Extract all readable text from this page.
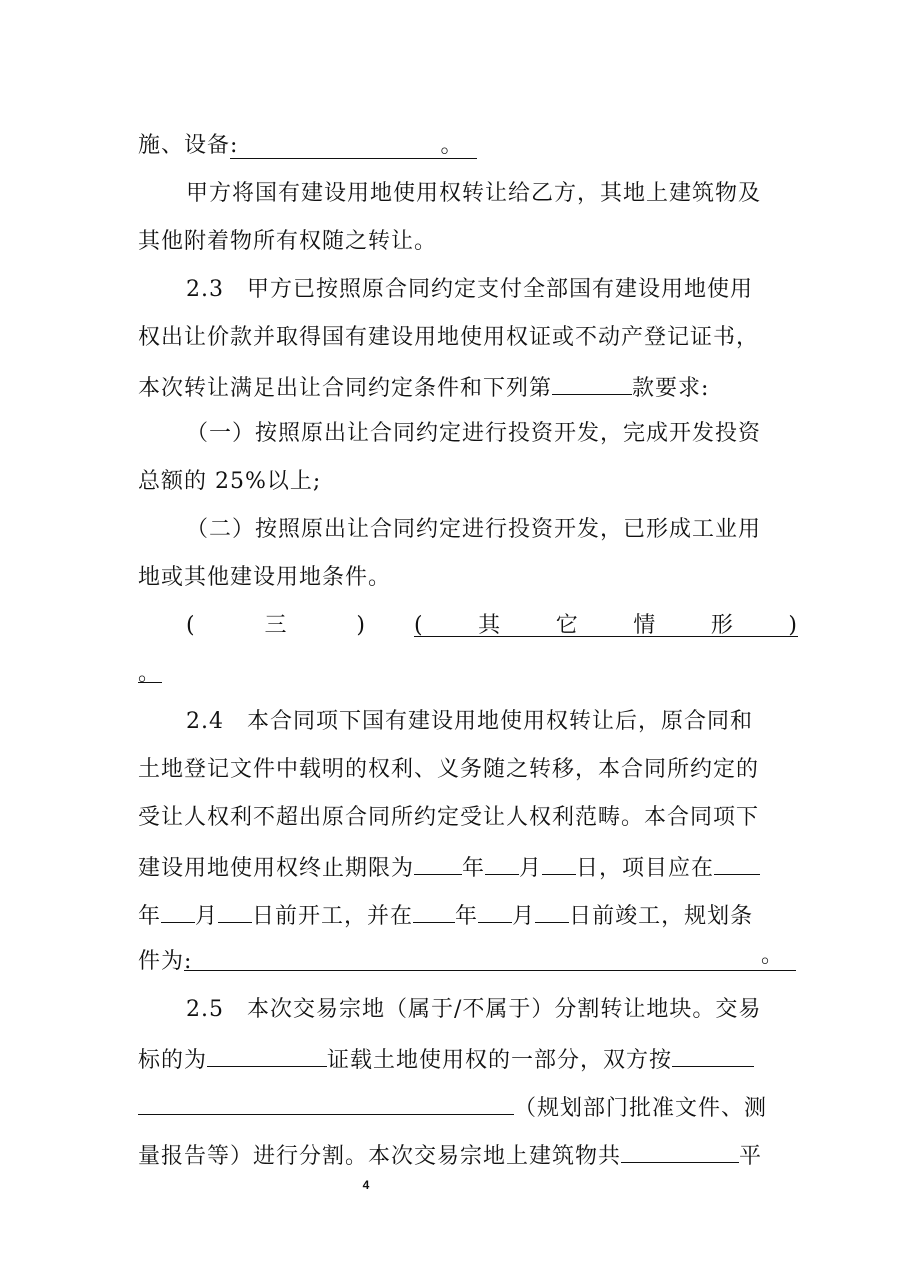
施、设备:	。
甲方将国有建设用地使用权转让给乙方，其地上建筑物及
其他附着物所有权随之转让。
2.3　甲方已按照原合同约定支付全部国有建设用地使用
权出让价款并取得国有建设用地使用权证或不动产登记证书，
本次转让满足出让合同约定条件和下列第	款要求:
（一）按照原出让合同约定进行投资开发，完成开发投资
总额的 25%以上;
（二）按照原出让合同约定进行投资开发，已形成工业用
地或其他建设用地条件。
(	三	) ( 其 它 情 形 )
。
2.4　本合同项下国有建设用地使用权转让后，原合同和
土地登记文件中载明的权利、义务随之转移，本合同所约定的
受让人权利不超出原合同所约定受让人权利范畴。本合同项下
建设用地使用权终止期限为 年 月 日，项目应在
年 月 日前开工，并在 年 月 日前竣工，规划条
件为:	。
2.5　本次交易宗地（属于/不属于）分割转让地块。交易
标的为	证载土地使用权的一部分，双方按
（规划部门批准文件、测
量报告等）进行分割。本次交易宗地上建筑物共	平
4
